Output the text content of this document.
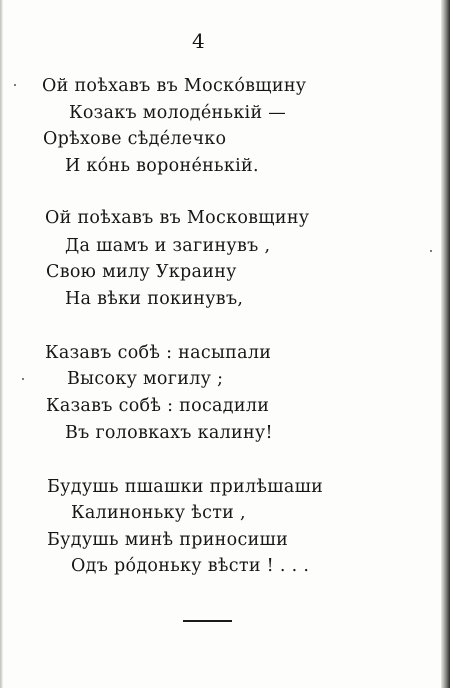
4
Ой поѣхавъ въ Москóвщину
Козакъ молодéнькій —
Орѣхове сѣдéлечко
И кóнь воронéнькій.
Ой поѣхавъ въ Московщину
Да шамъ и загинувъ ,
Свою милу Украину
На вѣки покинувъ,
Казавъ собѣ : насыпали
Высоку могилу ;
Казавъ собѣ : посадили
Въ головкахъ калину!
Будушь пшашки прилѣшаши
Калиноньку ѣсти ,
Будушь минѣ приносиши
Одъ рóдоньку вѣсти ! . . .
